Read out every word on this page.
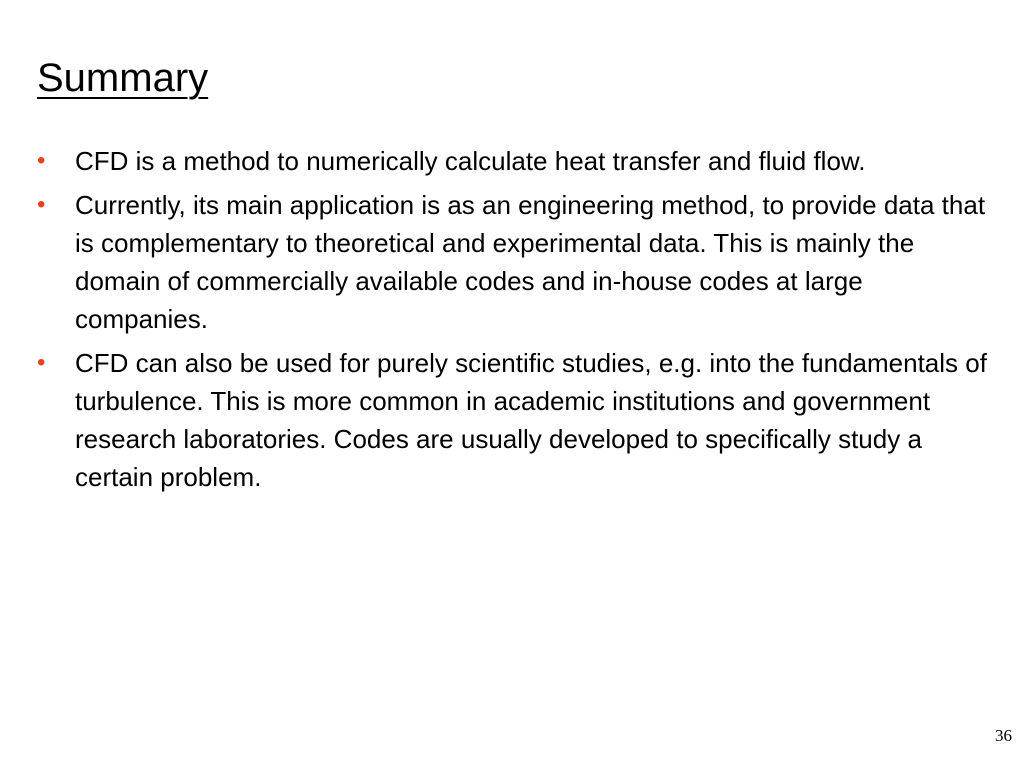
Summary
•	CFD is a method to numerically calculate heat transfer and fluid flow.
•	Currently, its main application is as an engineering method, to provide data that is complementary to theoretical and experimental data. This is mainly the domain of commercially available codes and in-house codes at large companies.
•	CFD can also be used for purely scientific studies, e.g. into the fundamentals of turbulence. This is more common in academic institutions and government research laboratories. Codes are usually developed to specifically study a certain problem.
36
